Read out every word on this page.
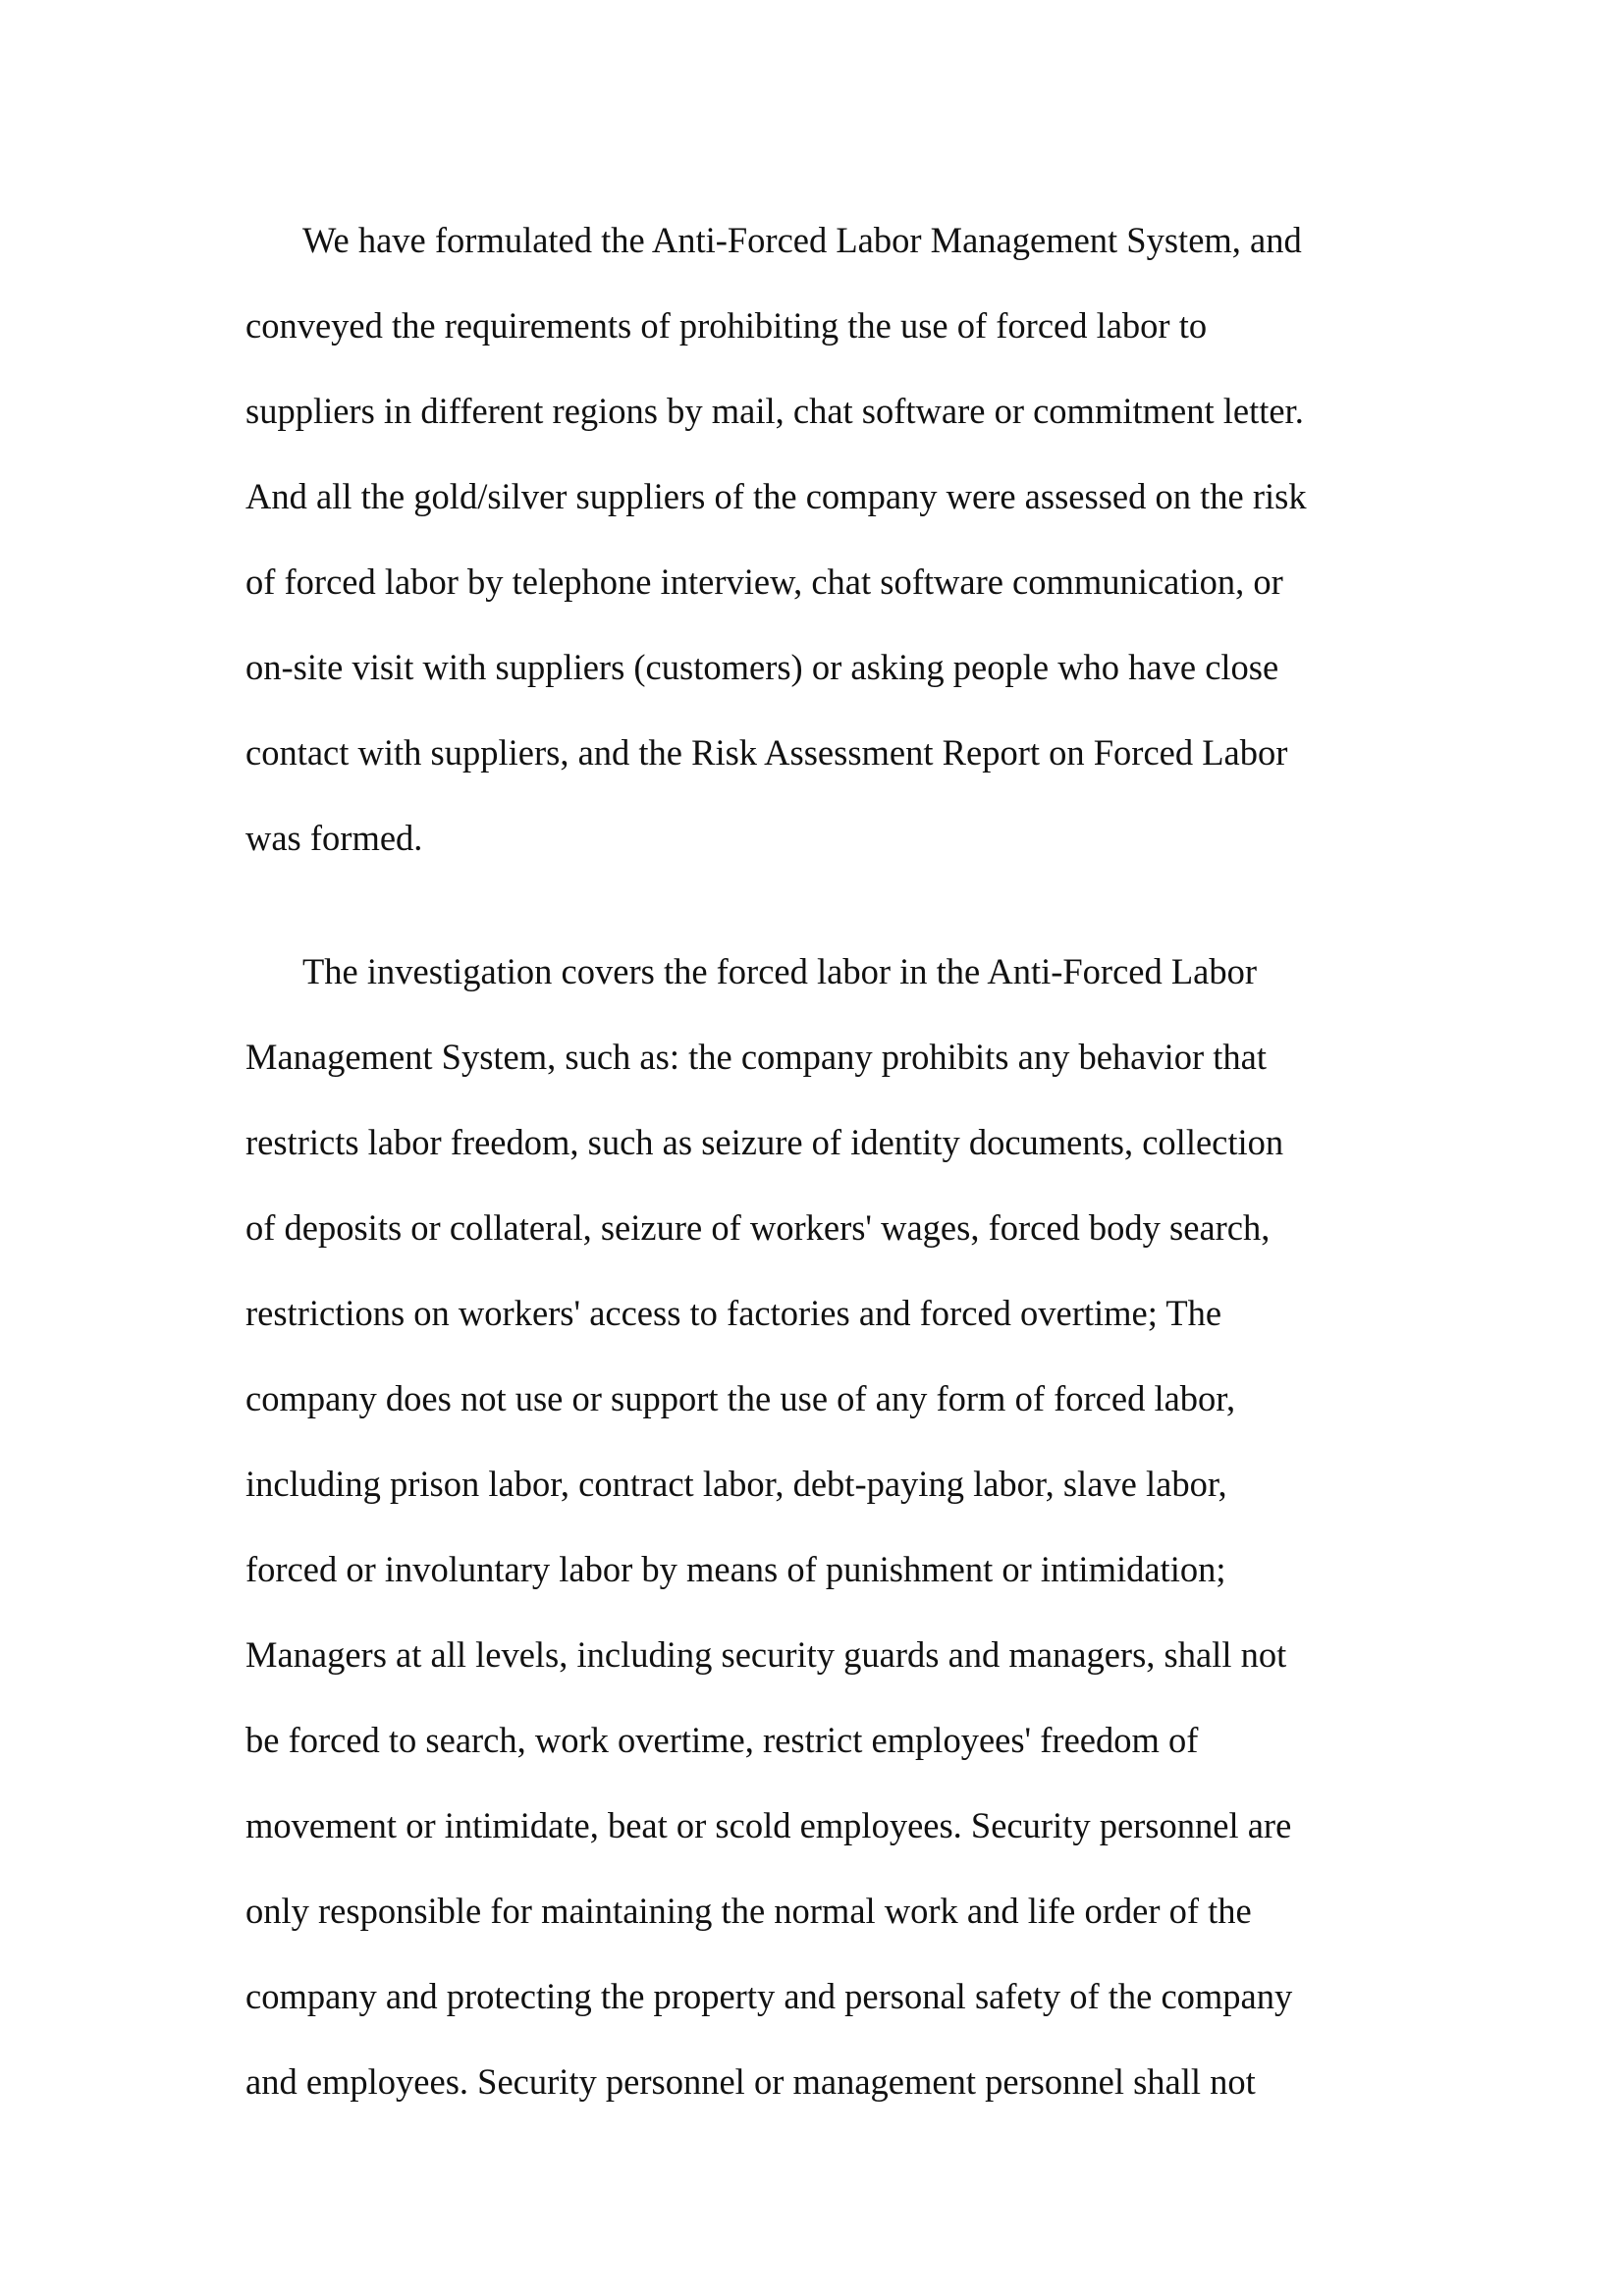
We have formulated the Anti-Forced Labor Management System, and
conveyed the requirements of prohibiting the use of forced labor to
suppliers in different regions by mail, chat software or commitment letter.
And all the gold/silver suppliers of the company were assessed on the risk
of forced labor by telephone interview, chat software communication, or
on-site visit with suppliers (customers) or asking people who have close
contact with suppliers, and the Risk Assessment Report on Forced Labor
was formed.

The investigation covers the forced labor in the Anti-Forced Labor
Management System, such as: the company prohibits any behavior that
restricts labor freedom, such as seizure of identity documents, collection
of deposits or collateral, seizure of workers' wages, forced body search,
restrictions on workers' access to factories and forced overtime; The
company does not use or support the use of any form of forced labor,
including prison labor, contract labor, debt-paying labor, slave labor,
forced or involuntary labor by means of punishment or intimidation;
Managers at all levels, including security guards and managers, shall not
be forced to search, work overtime, restrict employees' freedom of
movement or intimidate, beat or scold employees. Security personnel are
only responsible for maintaining the normal work and life order of the
company and protecting the property and personal safety of the company
and employees. Security personnel or management personnel shall not
